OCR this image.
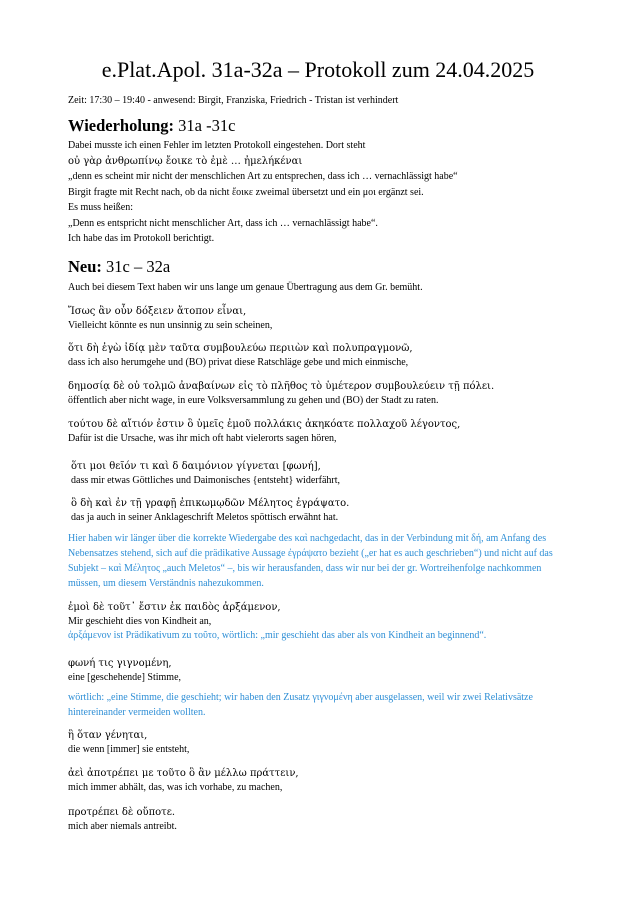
e.Plat.Apol. 31a-32a – Protokoll zum 24.04.2025
Zeit: 17:30 – 19:40 - anwesend: Birgit, Franziska, Friedrich - Tristan ist verhindert
Wiederholung: 31a -31c
Dabei musste ich einen Fehler im letzten Protokoll eingestehen. Dort steht
οὐ γὰρ ἀνθρωπίνῳ ἔοικε τὸ ἐμὲ … ἠμελήκέναι
„denn es scheint mir nicht der menschlichen Art zu entsprechen, dass ich … vernachlässigt habe“
Birgit fragte mit Recht nach, ob da nicht ἔοικε zweimal übersetzt und ein μοι ergänzt sei.
Es muss heißen:
„Denn es entspricht nicht menschlicher Art, dass ich … vernachlässigt habe“.
Ich habe das im Protokoll berichtigt.
Neu: 31c – 32a
Auch bei diesem Text haben wir uns lange um genaue Übertragung aus dem Gr. bemüht.
Ἴσως ἂν οὖν δόξειεν ἄτοπον εἶναι,
Vielleicht könnte es nun unsinnig zu sein scheinen,
ὅτι δὴ ἐγὼ ἰδίᾳ μὲν ταῦτα συμβουλεύω περιιὼν καὶ πολυπραγμονῶ,
dass ich also herumgehe und (BO) privat diese Ratschläge gebe und mich einmische,
δημοσίᾳ δὲ οὐ τολμῶ ἀναβαίνων εἰς τὸ πλῆθος τὸ ὑμέτερον συμβουλεύειν τῇ πόλει.
öffentlich aber nicht wage, in eure Volksversammlung zu gehen und (BO) der Stadt zu raten.
τούτου δὲ αἴτιόν ἐστιν ὃ ὑμεῖς ἐμοῦ πολλάκις ἀκηκόατε πολλαχοῦ λέγοντος,
Dafür ist die Ursache, was ihr mich oft habt vielerorts sagen hören,
ὅτι μοι θεῖόν τι καὶ δ δαιμόνιον γίγνεται [φωνή],
dass mir etwas Göttliches und Daimonisches {entsteht} widerfährt,
ὃ δὴ καὶ ἐν τῇ γραφῇ ἐπικωμῳδῶν Μέλητος ἐγράψατο.
das ja auch in seiner Anklageschrift Meletos spöttisch erwähnt hat.
Hier haben wir länger über die korrekte Wiedergabe des καὶ nachgedacht, das in der Verbindung mit δή, am Anfang des Nebensatzes stehend, sich auf die prädikative Aussage ἐγράψατο bezieht („er hat es auch geschrieben“) und nicht auf das Subjekt – καὶ Μέλητος „auch Meletos“ –, bis wir herausfanden, dass wir nur bei der gr. Wortreihenfolge nachkommen müssen, um diesem Verständnis nahezukommen.
ἐμοὶ δὲ τοῦτ᾽ ἔστιν ἐκ παιδὸς ἀρξάμενον,
Mir geschieht dies von Kindheit an,
ἀρξάμενον ist Prädikativum zu τοῦτο, wörtlich: „mir geschieht das aber als von Kindheit an beginnend“.
φωνή τις γιγνομένη,
eine [geschehende] Stimme,
wörtlich: „eine Stimme, die geschieht; wir haben den Zusatz γιγνομένη aber ausgelassen, weil wir zwei Relativsätze hintereinander vermeiden wollten.
ἣ ὅταν γένηται,
die wenn [immer] sie entsteht,
ἀεὶ ἀποτρέπει με τοῦτο ὃ ἂν μέλλω πράττειν,
mich immer abhält, das, was ich vorhabe, zu machen,
προτρέπει δὲ οὔποτε.
mich aber niemals antreibt.
